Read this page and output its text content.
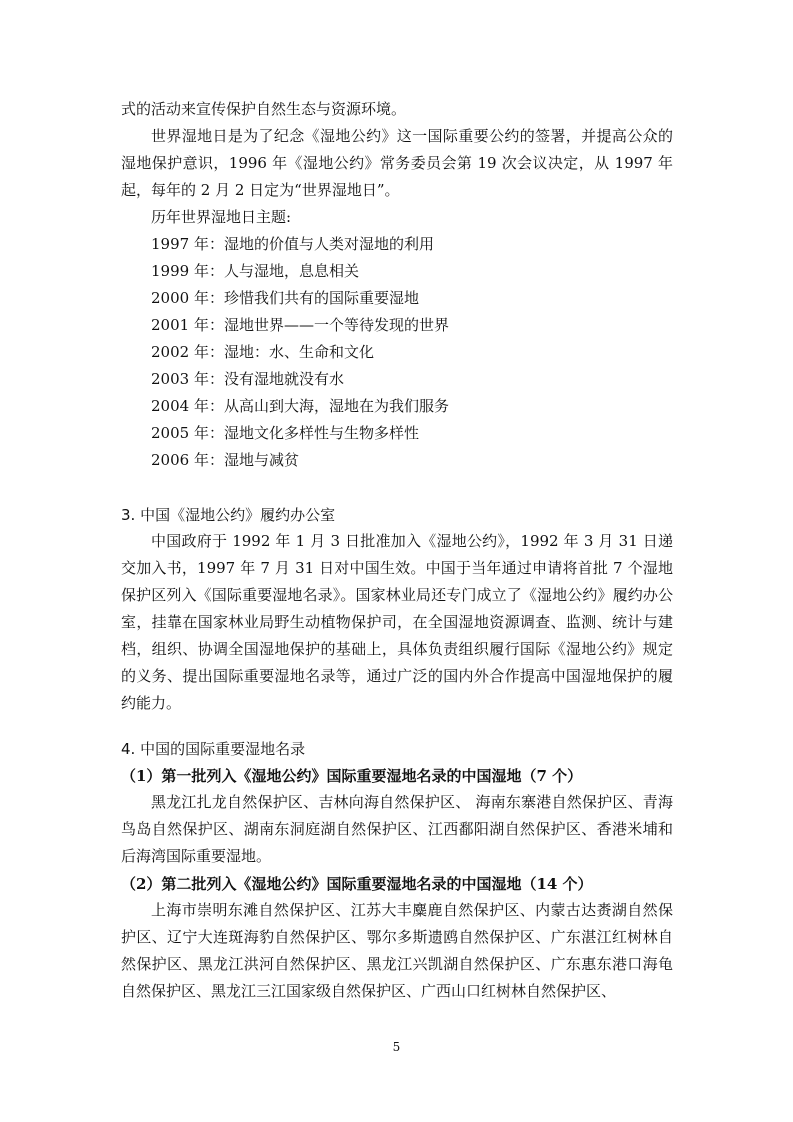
式的活动来宣传保护自然生态与资源环境。

世界湿地日是为了纪念《湿地公约》这一国际重要公约的签署，并提高公众的湿地保护意识，1996 年《湿地公约》常务委员会第 19 次会议决定，从 1997 年起，每年的 2 月 2 日定为“世界湿地日”。

历年世界湿地日主题:

1997 年：湿地的价值与人类对湿地的利用
1999 年：人与湿地，息息相关
2000 年：珍惜我们共有的国际重要湿地
2001 年：湿地世界——一个等待发现的世界
2002 年：湿地：水、生命和文化
2003 年：没有湿地就没有水
2004 年：从高山到大海，湿地在为我们服务
2005 年：湿地文化多样性与生物多样性
2006 年：湿地与减贫
3. 中国《湿地公约》履约办公室

中国政府于 1992 年 1 月 3 日批准加入《湿地公约》，1992 年 3 月 31 日递交加入书，1997 年 7 月 31 日对中国生效。中国于当年通过申请将首批 7 个湿地保护区列入《国际重要湿地名录》。国家林业局还专门成立了《湿地公约》履约办公室，挂靠在国家林业局野生动植物保护司，在全国湿地资源调查、监测、统计与建档，组织、协调全国湿地保护的基础上，具体负责组织履行国际《湿地公约》规定的义务、提出国际重要湿地名录等，通过广泛的国内外合作提高中国湿地保护的履约能力。

4. 中国的国际重要湿地名录
（1）第一批列入《湿地公约》国际重要湿地名录的中国湿地（7 个）

黑龙江扎龙自然保护区、吉林向海自然保护区、 海南东寨港自然保护区、青海鸟岛自然保护区、湖南东洞庭湖自然保护区、江西鄱阳湖自然保护区、香港米埔和后海湾国际重要湿地。

（2）第二批列入《湿地公约》国际重要湿地名录的中国湿地（14 个）

上海市崇明东滩自然保护区、江苏大丰麋鹿自然保护区、内蒙古达赉湖自然保护区、辽宁大连斑海豹自然保护区、鄂尔多斯遗鸥自然保护区、广东湛江红树林自然保护区、黑龙江洪河自然保护区、黑龙江兴凯湖自然保护区、广东惠东港口海龟自然保护区、黑龙江三江国家级自然保护区、广西山口红树林自然保护区、

5
